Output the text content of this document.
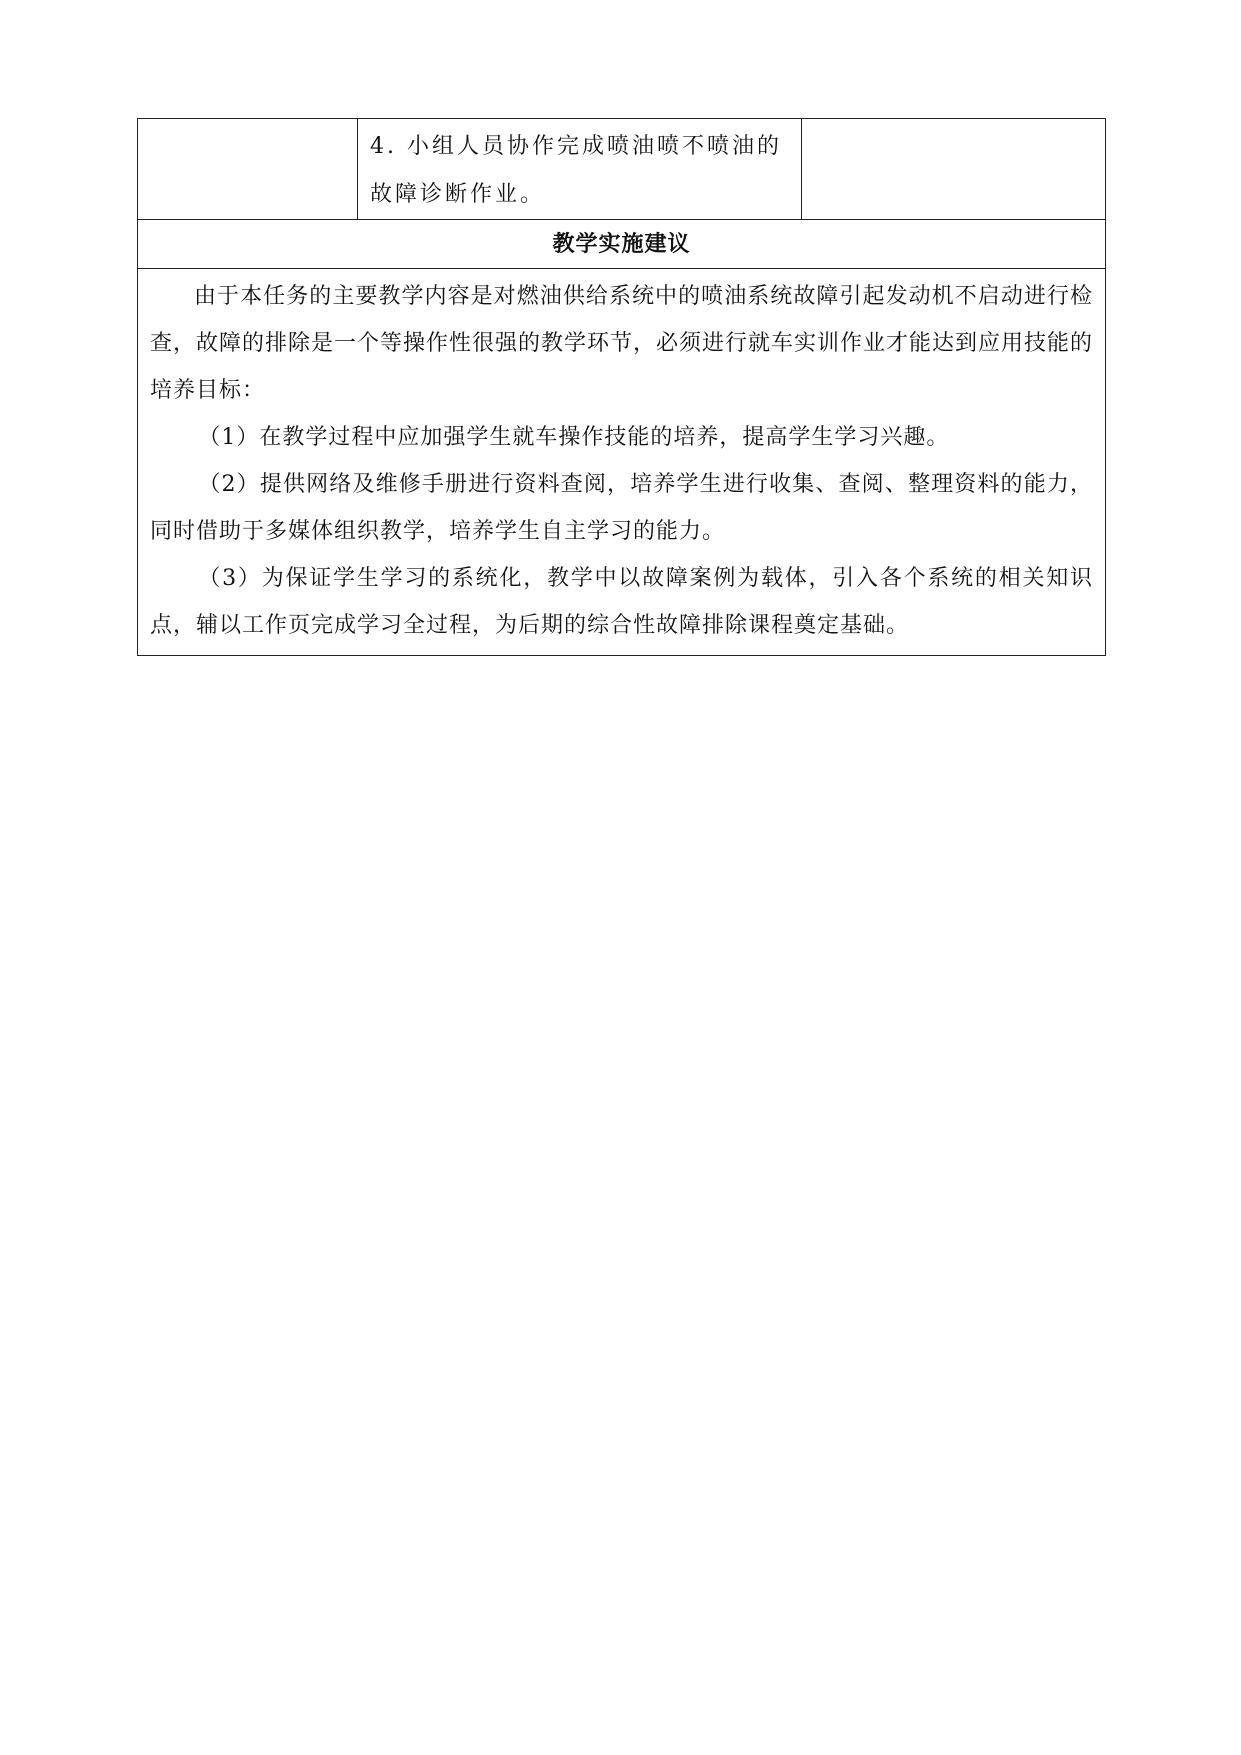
4. 小组人员协作完成喷油喷不喷油的故障诊断作业。

教学实施建议

由于本任务的主要教学内容是对燃油供给系统中的喷油系统故障引起发动机不启动进行检查，故障的排除是一个等操作性很强的教学环节，必须进行就车实训作业才能达到应用技能的培养目标：

（1）在教学过程中应加强学生就车操作技能的培养，提高学生学习兴趣。

（2）提供网络及维修手册进行资料查阅，培养学生进行收集、查阅、整理资料的能力，同时借助于多媒体组织教学，培养学生自主学习的能力。

（3）为保证学生学习的系统化，教学中以故障案例为载体，引入各个系统的相关知识点，辅以工作页完成学习全过程，为后期的综合性故障排除课程奠定基础。
